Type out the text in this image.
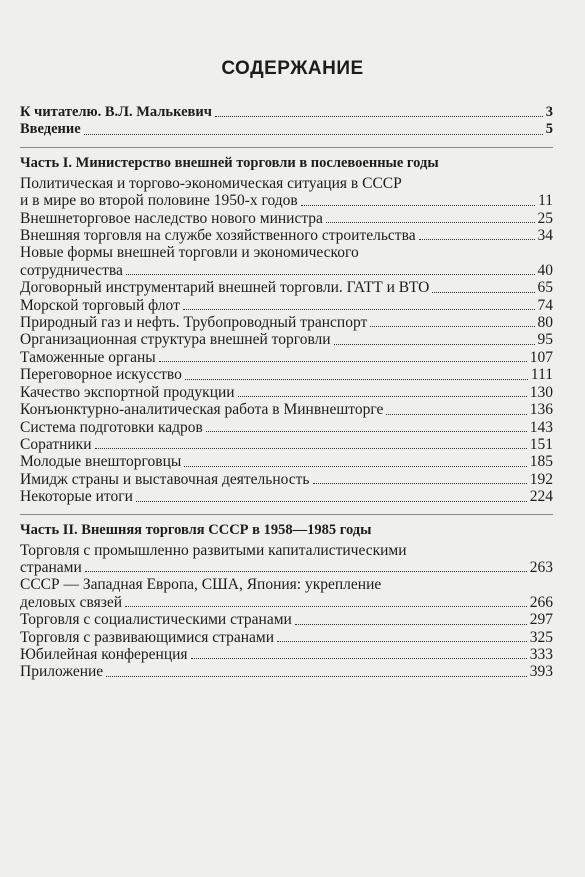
СОДЕРЖАНИЕ
К читателю. В.Л. Малькевич	3
Введение	5
Часть I. Министерство внешней торговли в послевоенные годы
Политическая и торгово-экономическая ситуация в СССР
и в мире во второй половине 1950-х годов	11
Внешнеторговое наследство нового министра	25
Внешняя торговля на службе хозяйственного строительства	34
Новые формы внешней торговли и экономического
сотрудничества	40
Договорный инструментарий внешней торговли. ГАТТ и ВТО	65
Морской торговый флот	74
Природный газ и нефть. Трубопроводный транспорт	80
Организационная структура внешней торговли	95
Таможенные органы	107
Переговорное искусство	111
Качество экспортной продукции	130
Конъюнктурно-аналитическая работа в Минвнешторге	136
Система подготовки кадров	143
Соратники	151
Молодые внешторговцы	185
Имидж страны и выставочная деятельность	192
Некоторые итоги	224
Часть II. Внешняя торговля СССР в 1958—1985 годы
Торговля с промышленно развитыми капиталистическими
странами	263
СССР — Западная Европа, США, Япония: укрепление
деловых связей	266
Торговля с социалистическими странами	297
Торговля с развивающимися странами	325
Юбилейная конференция	333
Приложение	393
